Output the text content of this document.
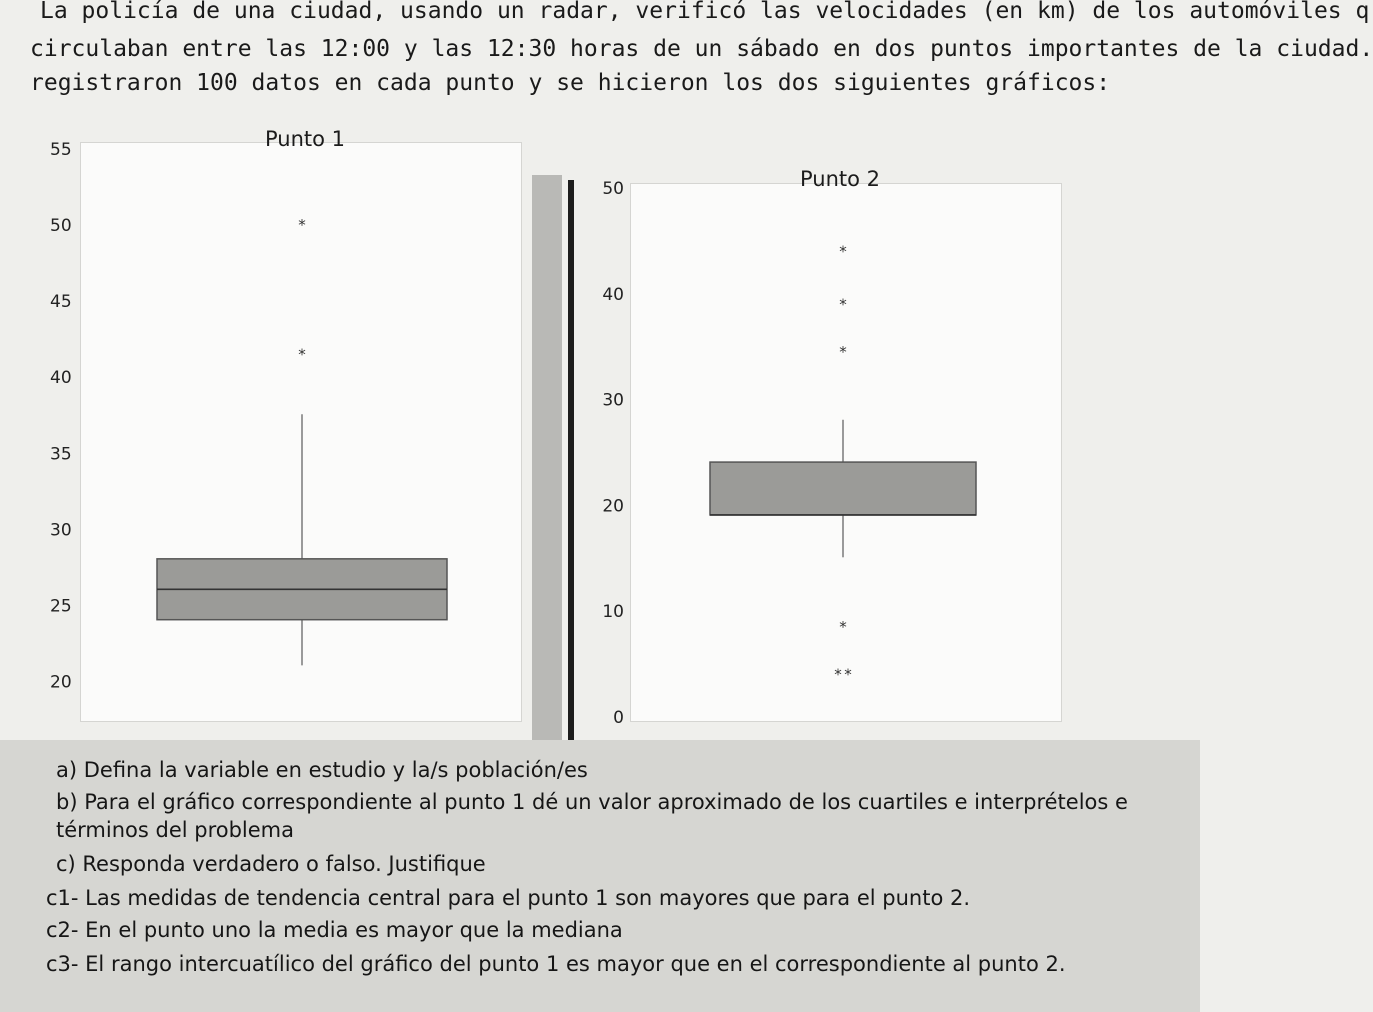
La policía de una ciudad, usando un radar, verificó las velocidades (en km) de los automóviles q
circulaban entre las 12:00 y las 12:30 horas de un sábado en dos puntos importantes de la ciudad.
registraron 100 datos en cada punto y se hicieron los dos siguientes gráficos:
Punto 1
20
25
30
35
40
45
50
55
*
*
Punto 2
0
10
20
30
40
50
*
* *
*
*
*
a) Defina la variable en estudio y la/s población/es
b) Para el gráfico correspondiente al punto 1 dé un valor aproximado de los cuartiles e interprételos e
términos del problema
c) Responda verdadero o falso. Justifique
c1- Las medidas de tendencia central para el punto 1 son mayores que para el punto 2.
c2- En el punto uno la media es mayor que la mediana
c3- El rango intercuatílico del gráfico del punto 1 es mayor que en el correspondiente al punto 2.
